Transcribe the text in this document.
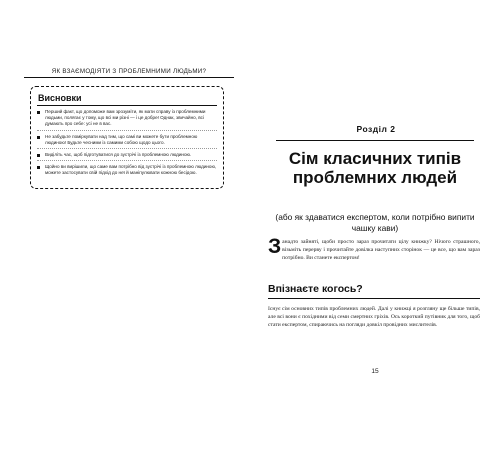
ЯК ВЗАЄМОДІЯТИ З ПРОБЛЕМНИМИ ЛЮДЬМИ?
Висновки
Перший факт, що допоможе вам зрозуміти, як мати справу із проблемними людьми, полягає у тому, що всі ми різні — і це добре! Однак, звичайно, всі думають про себе: усі не в вас.
Не забудьте поміркувати над тим, що самі ви можете бути проблемною людиною! Будьте чесними із самими собою щодо цього.
Виділіть час, щоб підготуватися до зустрічі із проблемною людиною.
Щойно ви вирішили, що саме вам потрібно від зустрічі із проблемною людиною, можете застосувати свій підхід до неї й маніпулювати кожною бесідою.
Розділ 2
Сім класичних типів проблемних людей
(або як здаватися експертом, коли потрібно випити чашку кави)
Занадто зайняті, щоби просто зараз прочитати цілу книжку? Нічого страшного, візьміть перерву і прочитайте довілка наступних сторінок — це все, що вам зараз потрібно. Ви станете експертом!
Впізнаєте когось?
Існує сім основних типів проблемних людей. Далі у книжці я розгляну ще більше типів, але всі вони є похідними від семи смертних гріхів. Ось короткий путівник для того, щоб стати експертом, спираючись на погляди довкіл провідних мислителів.
15
